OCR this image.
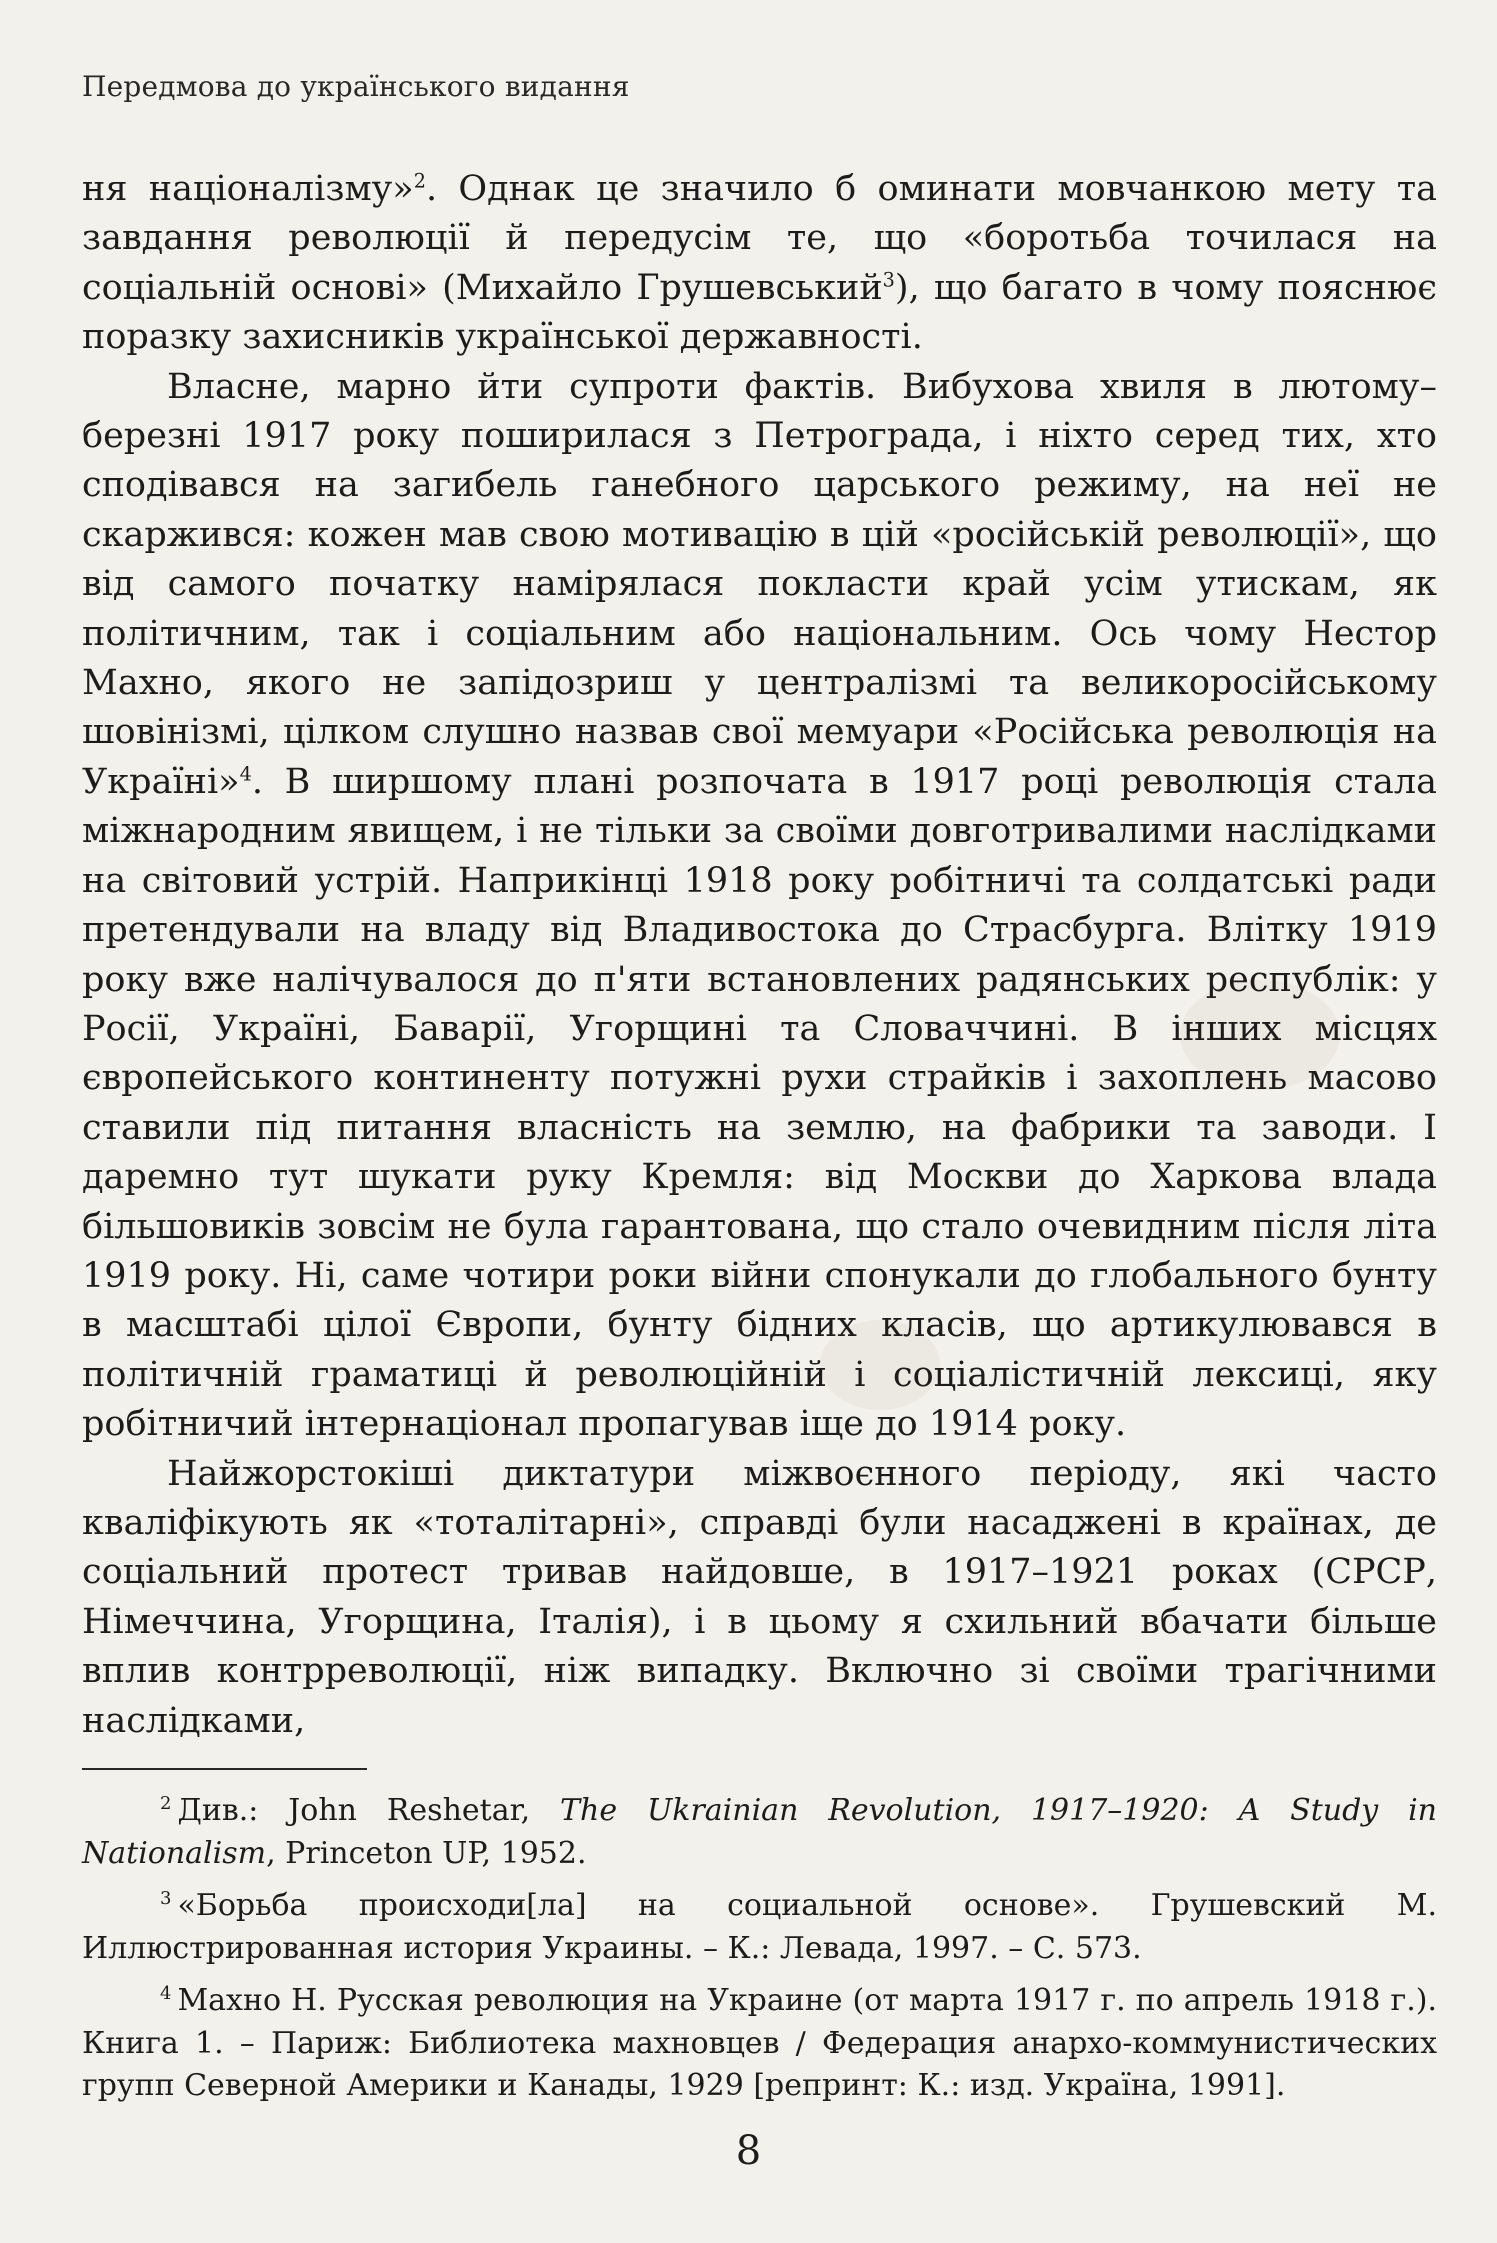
Передмова до українського видання

ня націоналізму»$^2$. Однак це значило б оминати мовчанкою мету та завдання революції й передусім те, що «боротьба точилася на соціальній основі» (Михайло Грушевський$^3$), що багато в чому пояснює поразку захисників української державності.

Власне, марно йти супроти фактів. Вибухова хвиля в лютому–березні 1917 року поширилася з Петрограда, і ніхто серед тих, хто сподівався на загибель ганебного царського режиму, на неї не скаржився: кожен мав свою мотивацію в цій «російській революції», що від самого початку намірялася покласти край усім утискам, як політичним, так і соціальним або національним. Ось чому Нестор Махно, якого не запідозриш у централізмі та великоросійському шовінізмі, цілком слушно назвав свої мемуари «Російська революція на Україні»$^4$. В ширшому плані розпочата в 1917 році революція стала міжнародним явищем, і не тільки за своїми довготривалими наслідками на світовий устрій. Наприкінці 1918 року робітничі та солдатські ради претендували на владу від Владивостока до Страсбурга. Влітку 1919 року вже налічувалося до п'яти встановлених радянських республік: у Росії, Україні, Баварії, Угорщині та Словаччині. В інших місцях європейського континенту потужні рухи страйків і захоплень масово ставили під питання власність на землю, на фабрики та заводи. І даремно тут шукати руку Кремля: від Москви до Харкова влада більшовиків зовсім не була гарантована, що стало очевидним після літа 1919 року. Ні, саме чотири роки війни спонукали до глобального бунту в масштабі цілої Європи, бунту бідних класів, що артикулювався в політичній граматиці й революційній і соціалістичній лексиці, яку робітничий інтернаціонал пропагував іще до 1914 року.

Найжорстокіші диктатури міжвоєнного періоду, які часто кваліфікують як «тоталітарні», справді були насаджені в країнах, де соціальний протест тривав найдовше, в 1917–1921 роках (СРСР, Німеччина, Угорщина, Італія), і в цьому я схильний вбачати більше вплив контрреволюції, ніж випадку. Включно зі своїми трагічними наслідками,

$^2$ Див.: John Reshetar, The Ukrainian Revolution, 1917–1920: A Study in Nationalism, Princeton UP, 1952.

$^3$ «Борьба происходи[ла] на социальной основе». Грушевский М. Иллюстрированная история Украины. – К.: Левада, 1997. – С. 573.

$^4$ Махно Н. Русская революция на Украине (от марта 1917 г. по апрель 1918 г.). Книга 1. – Париж: Библиотека махновцев / Федерация анархо-коммунистических групп Северной Америки и Канады, 1929 [репринт: К.: изд. Україна, 1991].

8
